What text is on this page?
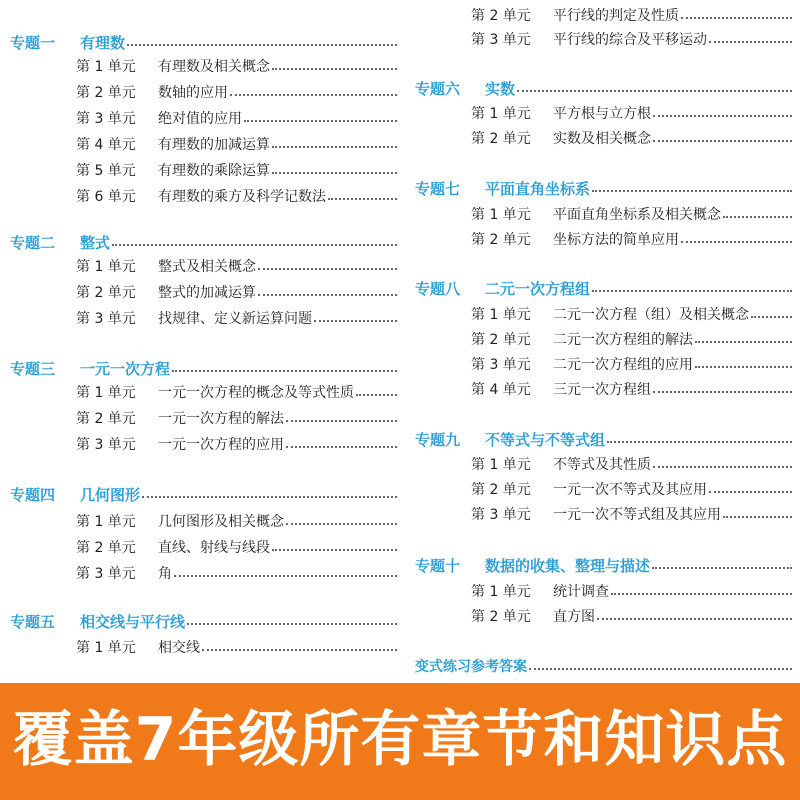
专题一	有理数
第 1 单元	有理数及相关概念
第 2 单元	数轴的应用
第 3 单元	绝对值的应用
第 4 单元	有理数的加减运算
第 5 单元	有理数的乘除运算
第 6 单元	有理数的乘方及科学记数法
专题二	整式
第 1 单元	整式及相关概念
第 2 单元	整式的加减运算
第 3 单元	找规律、定义新运算问题
专题三	一元一次方程
第 1 单元	一元一次方程的概念及等式性质
第 2 单元	一元一次方程的解法
第 3 单元	一元一次方程的应用
专题四	几何图形
第 1 单元	几何图形及相关概念
第 2 单元	直线、射线与线段
第 3 单元	角
专题五	相交线与平行线
第 1 单元	相交线
第 2 单元	平行线的判定及性质
第 3 单元	平行线的综合及平移运动
专题六	实数
第 1 单元	平方根与立方根
第 2 单元	实数及相关概念
专题七	平面直角坐标系
第 1 单元	平面直角坐标系及相关概念
第 2 单元	坐标方法的简单应用
专题八	二元一次方程组
第 1 单元	二元一次方程（组）及相关概念
第 2 单元	二元一次方程组的解法
第 3 单元	二元一次方程组的应用
第 4 单元	三元一次方程组
专题九	不等式与不等式组
第 1 单元	不等式及其性质
第 2 单元	一元一次不等式及其应用
第 3 单元	一元一次不等式组及其应用
专题十	数据的收集、整理与描述
第 1 单元	统计调查
第 2 单元	直方图
变式练习参考答案
覆盖7年级所有章节和知识点
